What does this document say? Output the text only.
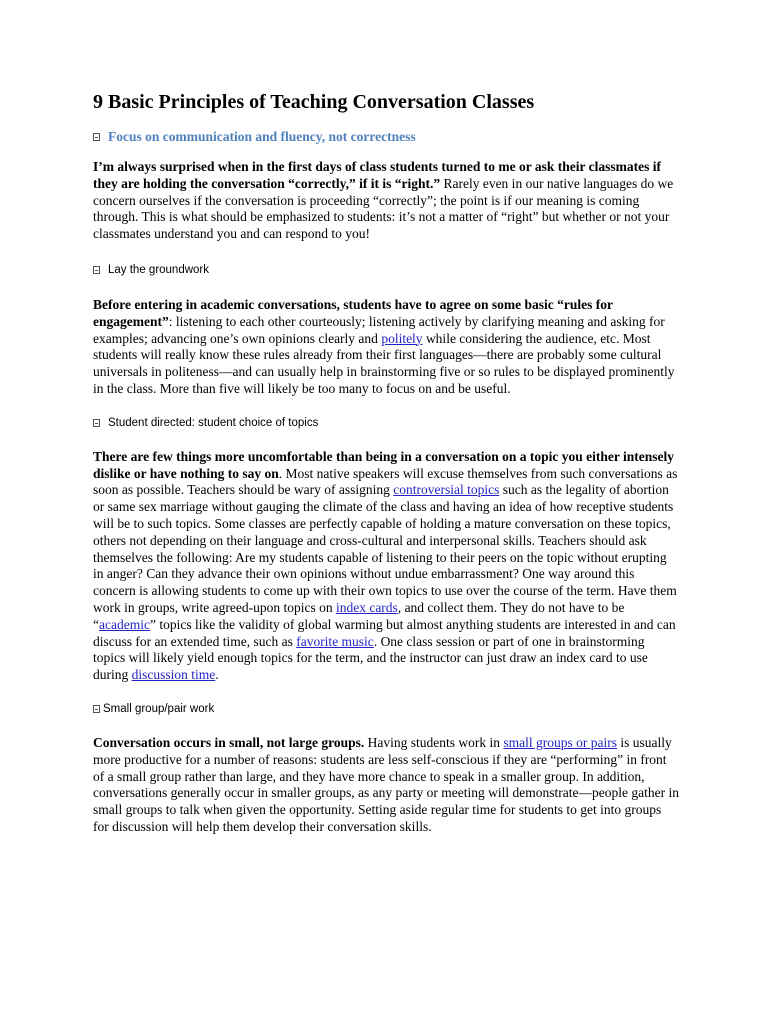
9 Basic Principles of Teaching Conversation Classes
Focus on communication and fluency, not correctness

I’m always surprised when in the first days of class students turned to me or ask their classmates if they are holding the conversation “correctly,” if it is “right.” Rarely even in our native languages do we concern ourselves if the conversation is proceeding “correctly”; the point is if our meaning is coming through. This is what should be emphasized to students: it’s not a matter of “right” but whether or not your classmates understand you and can respond to you!

Lay the groundwork

Before entering in academic conversations, students have to agree on some basic “rules for engagement”: listening to each other courteously; listening actively by clarifying meaning and asking for examples; advancing one’s own opinions clearly and politely while considering the audience, etc. Most students will really know these rules already from their first languages—there are probably some cultural universals in politeness—and can usually help in brainstorming five or so rules to be displayed prominently in the class. More than five will likely be too many to focus on and be useful.

Student directed: student choice of topics

There are few things more uncomfortable than being in a conversation on a topic you either intensely dislike or have nothing to say on. Most native speakers will excuse themselves from such conversations as soon as possible. Teachers should be wary of assigning controversial topics such as the legality of abortion or same sex marriage without gauging the climate of the class and having an idea of how receptive students will be to such topics. Some classes are perfectly capable of holding a mature conversation on these topics, others not depending on their language and cross-cultural and interpersonal skills. Teachers should ask themselves the following: Are my students capable of listening to their peers on the topic without erupting in anger? Can they advance their own opinions without undue embarrassment? One way around this concern is allowing students to come up with their own topics to use over the course of the term. Have them work in groups, write agreed-upon topics on index cards, and collect them. They do not have to be “academic” topics like the validity of global warming but almost anything students are interested in and can discuss for an extended time, such as favorite music. One class session or part of one in brainstorming topics will likely yield enough topics for the term, and the instructor can just draw an index card to use during discussion time.

Small group/pair work

Conversation occurs in small, not large groups. Having students work in small groups or pairs is usually more productive for a number of reasons: students are less self-conscious if they are “performing” in front of a small group rather than large, and they have more chance to speak in a smaller group. In addition, conversations generally occur in smaller groups, as any party or meeting will demonstrate—people gather in small groups to talk when given the opportunity. Setting aside regular time for students to get into groups for discussion will help them develop their conversation skills.
